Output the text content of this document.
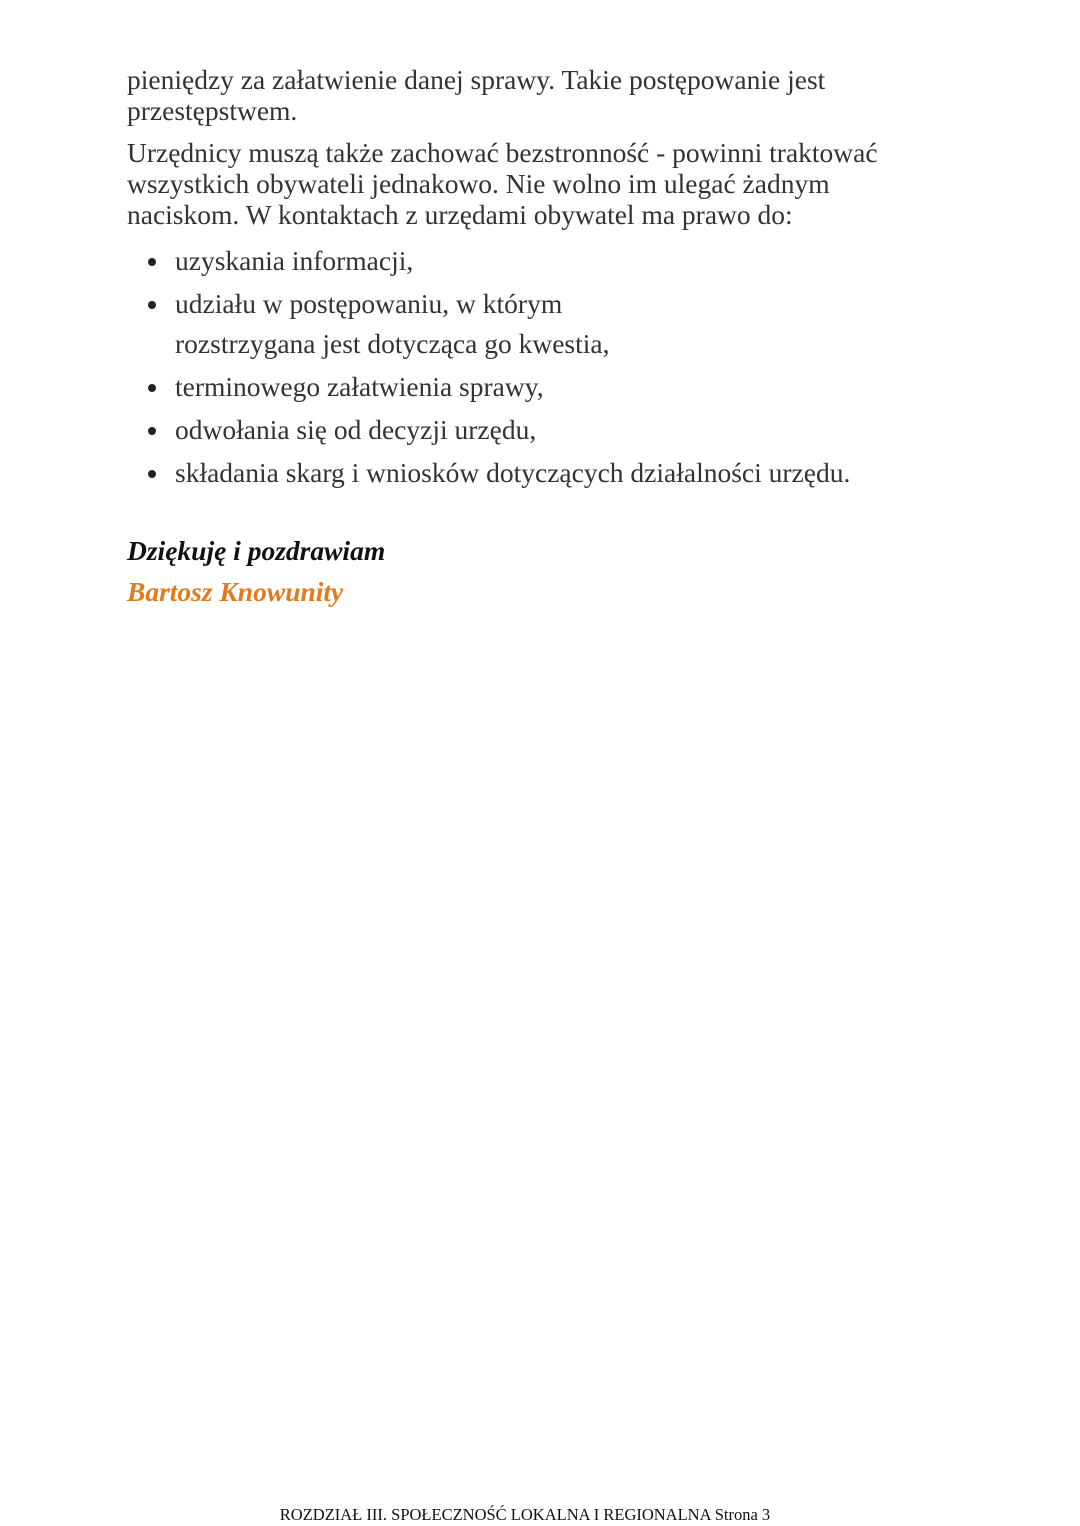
pieniędzy za załatwienie danej sprawy. Takie postępowanie jest
przestępstwem.

Urzędnicy muszą także zachować bezstronność - powinni traktować
wszystkich obywateli jednakowo. Nie wolno im ulegać żadnym
naciskom. W kontaktach z urzędami obywatel ma prawo do:

uzyskania informacji,
udziału w postępowaniu, w którym
rozstrzygana jest dotycząca go kwestia,
terminowego załatwienia sprawy,
odwołania się od decyzji urzędu,
składania skarg i wniosków dotyczących działalności urzędu.

Dziękuję i pozdrawiam

Bartosz Knowunity

ROZDZIAŁ III. SPOŁECZNOŚĆ LOKALNA I REGIONALNA Strona 3
